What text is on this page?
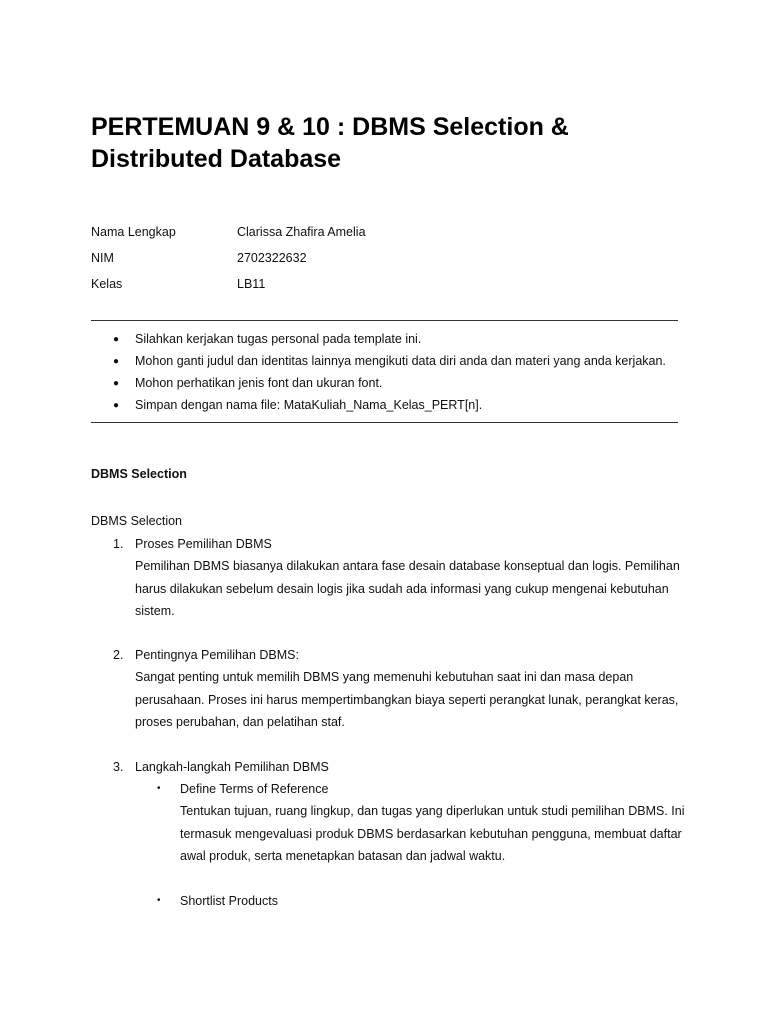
PERTEMUAN 9 & 10 : DBMS Selection & Distributed Database
Nama Lengkap	Clarissa Zhafira Amelia
NIM	2702322632
Kelas	LB11
●	Silahkan kerjakan tugas personal pada template ini.
●	Mohon ganti judul dan identitas lainnya mengikuti data diri anda dan materi yang anda kerjakan.
●	Mohon perhatikan jenis font dan ukuran font.
●	Simpan dengan nama file: MataKuliah_Nama_Kelas_PERT[n].
DBMS Selection
DBMS Selection
1. Proses Pemilihan DBMS
Pemilihan DBMS biasanya dilakukan antara fase desain database konseptual dan logis. Pemilihan harus dilakukan sebelum desain logis jika sudah ada informasi yang cukup mengenai kebutuhan sistem.
2. Pentingnya Pemilihan DBMS:
Sangat penting untuk memilih DBMS yang memenuhi kebutuhan saat ini dan masa depan perusahaan. Proses ini harus mempertimbangkan biaya seperti perangkat lunak, perangkat keras, proses perubahan, dan pelatihan staf.
3. Langkah-langkah Pemilihan DBMS
• Define Terms of Reference
Tentukan tujuan, ruang lingkup, dan tugas yang diperlukan untuk studi pemilihan DBMS. Ini termasuk mengevaluasi produk DBMS berdasarkan kebutuhan pengguna, membuat daftar awal produk, serta menetapkan batasan dan jadwal waktu.
• Shortlist Products
